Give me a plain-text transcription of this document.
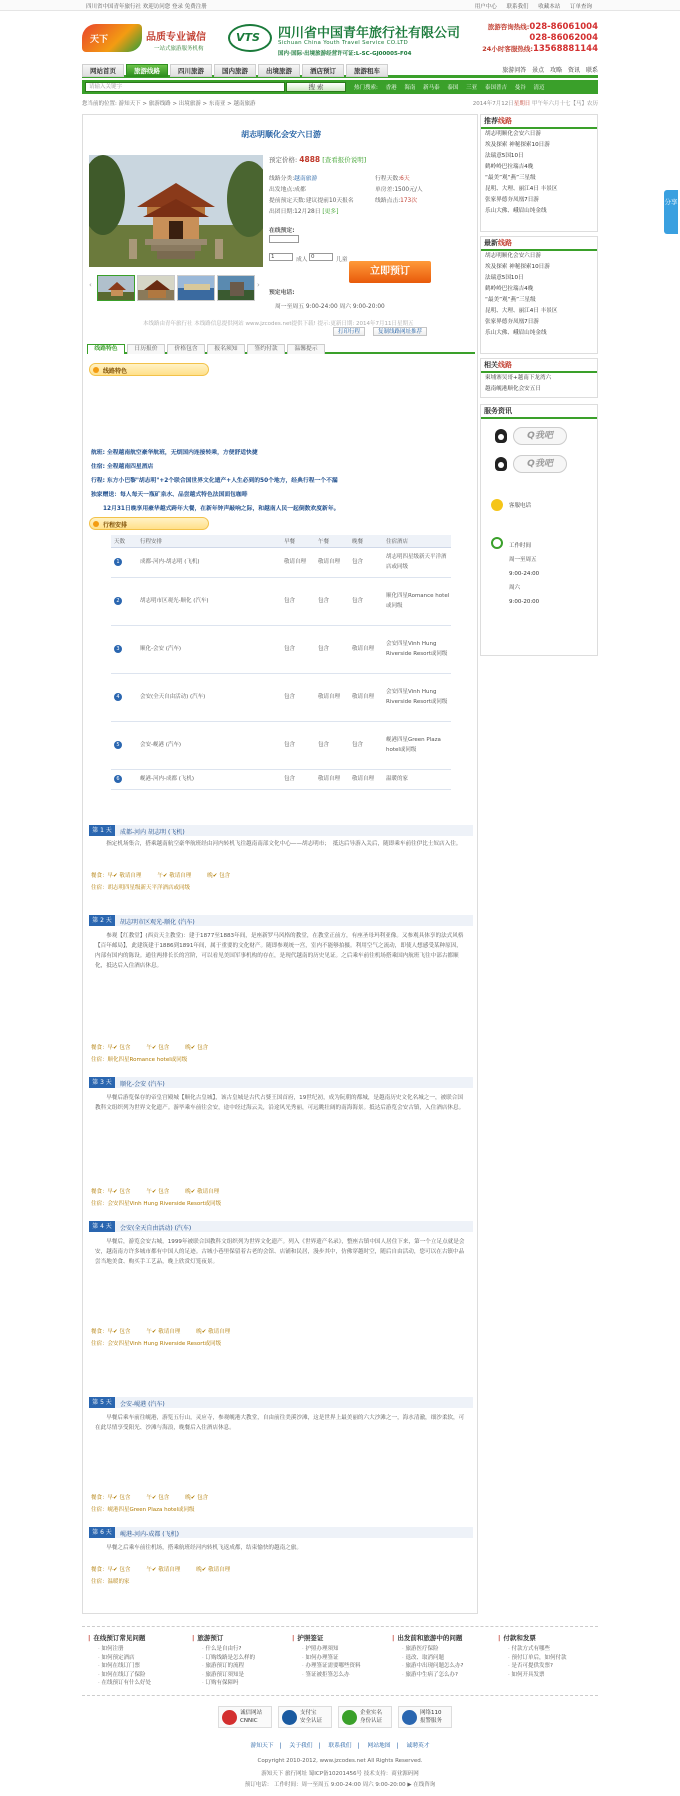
四川省中国青年旅行社 欢迎访问您 登录 免费注册	用户中心 联系我们 收藏本站 订单查询
天下	品质专业诚信
一站式旅游服务机构
VTS 四川省中国青年旅行社有限公司
Sichuan China Youth Travel Service CO.LTD
国内·国际·出境旅游经营许可证:L-SC-GJ00005-F04
旅游咨询热线:028-86061004
028-86062004
24小时客服热线:13568881144
网站首页	旅游线路	四川旅游	国内旅游	出境旅游	酒店预订	旅游租车	旅游问答 景点 攻略 资讯 联系
请输入关键字	搜 索	热门搜索: 香港 海南 新马泰 泰国 三亚 泰国普吉 曼谷 清迈
您当前的位置: 游知天下 > 旅游线路 > 出境旅游 > 东南亚 > 越南旅游	2014年7月12日星期日 甲午年六月十七【马】农历
胡志明顺化会安六日游
‹	›
预定价格: 4888 [查看报价说明]
线路分类:越南旅游	行程天数:6天
出发地点:成都	单房差:1500元/人
提前预定天数:建议提前10天报名	线路点击:173次
出团日期:12月28日 [更多]
在线预定:
1	成人 0	儿童
预定电话:
周一至周五 9:00-24:00 周六 9:00-20:00
立即预订
本线路由青年旅行社 本线路信息提供网站 www.jzcodes.net提供下载! 提示:更新日期: 2014年7月11日星期五
打印行程	复制线路网址推荐
线路特色	日历报价	价格包含	报名须知	签约付款	温馨提示
线路特色
航班: 全程越南航空豪华航班，无烦国内连接转乘，方便舒适快捷
住宿: 全程越南四星酒店
行程: 东方小巴黎"胡志明"+2个联合国世界文化遗产+人生必到的50个地方，经典行程一个不漏
独家赠送：每人每天一瓶矿泉水、品尝越式特色法国面包咖啡
12月31日晚享用豪华越式跨年大餐，在新年钟声敲响之际，和越南人民一起倒数欢度新年。
行程安排
天数	行程安排	早餐	午餐	晚餐	住宿酒店
1	成都-河内-胡志明 (飞机)	敬请自理	敬请自理	包含	胡志明四星级新天平洋酒店或同级
2	胡志明市区观光-顺化 (汽车)	包含	包含	包含	顺化四星Romance hotel或同级
3	顺化-会安 (汽车)	包含	包含	敬请自理	会安四星Vinh Hung Riverside Resort或同级
4	会安(全天自由活动) (汽车)	包含	敬请自理	敬请自理	会安四星Vinh Hung Riverside Resort或同级
5	会安-岘港 (汽车)	包含	包含	包含	岘港四星Green Plaza hotel或同级
6	岘港-河内-成都 (飞机)	包含	敬请自理	敬请自理	温暖的家
第 1 天	成都-河内 胡志明 (飞机)
　　指定机场集合，搭乘越南航空豪华航班经由河内转机飞往越南南部文化中心——胡志明市；　抵达后导游入关后，随即乘车前往伊比士奴店入住。
餐食：早✔ 敬请自理	午✔ 敬请自理	晚✔ 包含
住宿：胡志明四星级新天平洋酒店或同级
第 2 天	胡志明市区观光-顺化 (汽车)
　　参观【红教堂】(西贡天主教堂)：建于1877至1883年间，是座新罗马风格的教堂，在教堂正前方，有座圣母玛利亚像。又参观具体享的法式风格【百年邮局】，此建筑建于1886到1891年间，属于重要的文化财产。随即参观统一宫，室内不能够拍摄。利用空气之流动，即使人想感受某种原因，内部有国内的陈设。通往两排长长的宫阶，可以看见美国军事机构的存在，是现代越南的历史见证。之后乘车前往机场搭乘国内航班飞往中部古都顺化，抵达后入住酒店休息。
餐食：早✔ 包含	午✔ 包含	晚✔ 包含
住宿：顺化四星Romance hotel或同级
第 3 天	顺化-会安 (汽车)
　　早餐后游览保存的帝皇宫殿城【顺化古皇城】，该古皇城是古代占婆王国首府，19世纪初，成为阮朝的都城，是越南历史文化名城之一，被联合国教科文组织列为世界文化遗产。游毕乘车前往会安，途中经过海云关，沿途风光秀丽，可远眺壮阔的南海海景。抵达后游览会安古镇，入住酒店休息。
餐食：早✔ 包含	午✔ 包含	晚✔ 敬请自理
住宿：会安四星Vinh Hung Riverside Resort或同级
第 4 天	会安(全天自由活动) (汽车)
　　早餐后，游览会安古城，1999年被联合国教科文组织列为世界文化遗产。列入《世界遗产名录》，整座古镇中国人居住下来，第一个立足点就是会安，越南南方许多城市都有中国人的足迹。古城小巷里保留着古老的会馆、店铺和民居，漫步其中，仿佛穿越时空，随后自由活动，您可以在古镇中品尝当地美食、购买手工艺品，晚上欣赏灯笼夜景。
餐食：早✔ 包含	午✔ 敬请自理	晚✔ 敬请自理
住宿：会安四星Vinh Hung Riverside Resort或同级
第 5 天	会安-岘港 (汽车)
　　早餐后乘车前往岘港，游览五行山，灵应寺，参观岘港大教堂，自由前往美溪沙滩，这是世界上最美丽的六大沙滩之一，海水清澈，细沙柔软，可在此尽情享受阳光、沙滩与海浪，晚餐后入住酒店休息。
餐食：早✔ 包含	午✔ 包含	晚✔ 包含
住宿：岘港四星Green Plaza hotel或同级
第 6 天	岘港-河内-成都 (飞机)
　　早餐之后乘车前往机场，搭乘航班经河内转机飞返成都，结束愉快的越南之旅。
餐食：早✔ 包含	午✔ 敬请自理	晚✔ 敬请自理
住宿：温暖的家
推荐线路
胡志明顺化会安六日游
埃及探索 神秘探索10日游
法瑞意5国10日
鹤岭岭巴拉瑞吉4晚
“最美”观“燕”三星级
昆明、大理、丽江4日 丰景区
张家界德夯凤凰7日游
乐山大佛、峨眉山纯金线
最新线路
胡志明顺化会安六日游
埃及探索 神秘探索10日游
法瑞意5国10日
鹤岭岭巴拉瑞吉4晚
“最美”观“燕”三星级
昆明、大理、丽江4日 丰景区
张家界德夯凤凰7日游
乐山大佛、峨眉山纯金线
相关线路
柬埔寨吴哥+越南下龙湾六
越南岘港顺化会安五日
服务资讯
Q我吧
Q我吧
客服电话
工作时间
周一至周五
9:00-24:00
周六
9:00-20:00
分享
| 在线预订常见问题
· 如何注册
· 如何预定酒店
· 如何在线订门票
· 如何在线订了保险
· 在线预订有什么好处
| 旅游预订
· 什么是自由行?
· 订购线路是怎么样的
· 旅游预订的流程
· 旅游预订须知是
· 订购有保障吗
| 护照签证
· 护照办理须知
· 如何办理签证
· 办理签证需要哪些资料
· 签证被拒签怎么办
| 出发前和旅游中的问题
· 旅游医疗保险
· 退改、取消问题
· 旅游中出现问题怎么办?
· 旅游中生病了怎么办?
| 付款和发票
· 付款方式有哪些
· 预付订单后，如何付款
· 是否可提供发票?
· 如何开具发票
诚信网站
CNNIC
支付宝
安全认证
企业实名
身份认证
网络110
报警服务
游知天下 | 关于我们 | 联系我们 | 网站地图 | 诚聘英才
Copyright 2010-2012, www.jzcodes.net All Rights Reserved.
游知天下 旅行网址 蜀ICP备10201456号 技术支持：商业源码网
预订电话： 工作时间：周一至周五 9:00-24:00 周六 9:00-20:00 ▶ 在线咨询
